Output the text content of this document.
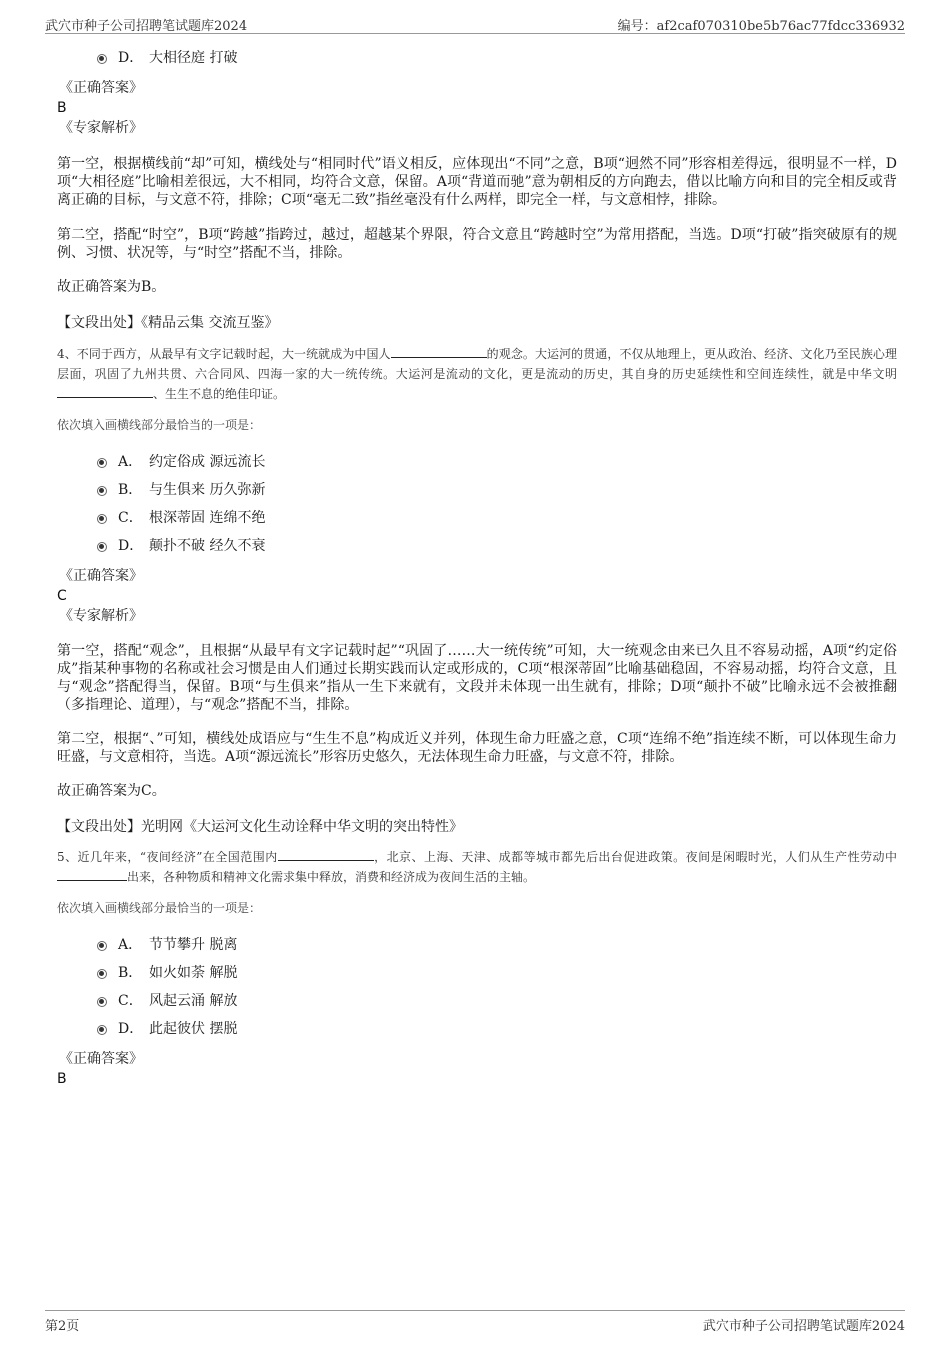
武穴市种子公司招聘笔试题库2024	编号：af2caf070310be5b76ac77fdcc336932
D． 大相径庭 打破
《正确答案》
B
《专家解析》

第一空，根据横线前“却”可知，横线处与“相同时代”语义相反，应体现出“不同”之意，B项“迥然不同”形容相差得远，很明显不一样，D项“大相径庭”比喻相差很远，大不相同，均符合文意，保留。A项“背道而驰”意为朝相反的方向跑去，借以比喻方向和目的完全相反或背离正确的目标，与文意不符，排除；C项“毫无二致”指丝毫没有什么两样，即完全一样，与文意相悖，排除。

第二空，搭配“时空”，B项“跨越”指跨过，越过，超越某个界限，符合文意且“跨越时空”为常用搭配，当选。D项“打破”指突破原有的规例、习惯、状况等，与“时空”搭配不当，排除。

故正确答案为B。

【文段出处】《精品云集 交流互鉴》

4、不同于西方，从最早有文字记载时起，大一统就成为中国人	的观念。大运河的贯通，不仅从地理上，更从政治、经济、文化乃至民族心理层面，巩固了九州共贯、六合同风、四海一家的大一统传统。大运河是流动的文化，更是流动的历史，其自身的历史延续性和空间连续性，就是中华文明、生生不息的绝佳印证。

依次填入画横线部分最恰当的一项是：

A． 约定俗成 源远流长
B． 与生俱来 历久弥新
C． 根深蒂固 连绵不绝
D． 颠扑不破 经久不衰
《正确答案》
C
《专家解析》

第一空，搭配“观念”，且根据“从最早有文字记载时起”“巩固了……大一统传统”可知，大一统观念由来已久且不容易动摇，A项“约定俗成”指某种事物的名称或社会习惯是由人们通过长期实践而认定或形成的，C项“根深蒂固”比喻基础稳固，不容易动摇，均符合文意，且与“观念”搭配得当，保留。B项“与生俱来”指从一生下来就有，文段并未体现一出生就有，排除；D项“颠扑不破”比喻永远不会被推翻（多指理论、道理），与“观念”搭配不当，排除。

第二空，根据“、”可知，横线处成语应与“生生不息”构成近义并列，体现生命力旺盛之意，C项“连绵不绝”指连续不断，可以体现生命力旺盛，与文意相符，当选。A项“源远流长”形容历史悠久，无法体现生命力旺盛，与文意不符，排除。

故正确答案为C。

【文段出处】光明网《大运河文化生动诠释中华文明的突出特性》

5、近几年来，“夜间经济”在全国范围内	，北京、上海、天津、成都等城市都先后出台促进政策。夜间是闲暇时光，人们从生产性劳动中出来，各种物质和精神文化需求集中释放，消费和经济成为夜间生活的主轴。

依次填入画横线部分最恰当的一项是：

A． 节节攀升 脱离
B． 如火如荼 解脱
C． 风起云涌 解放
D． 此起彼伏 摆脱
《正确答案》
B
第2页	武穴市种子公司招聘笔试题库2024
